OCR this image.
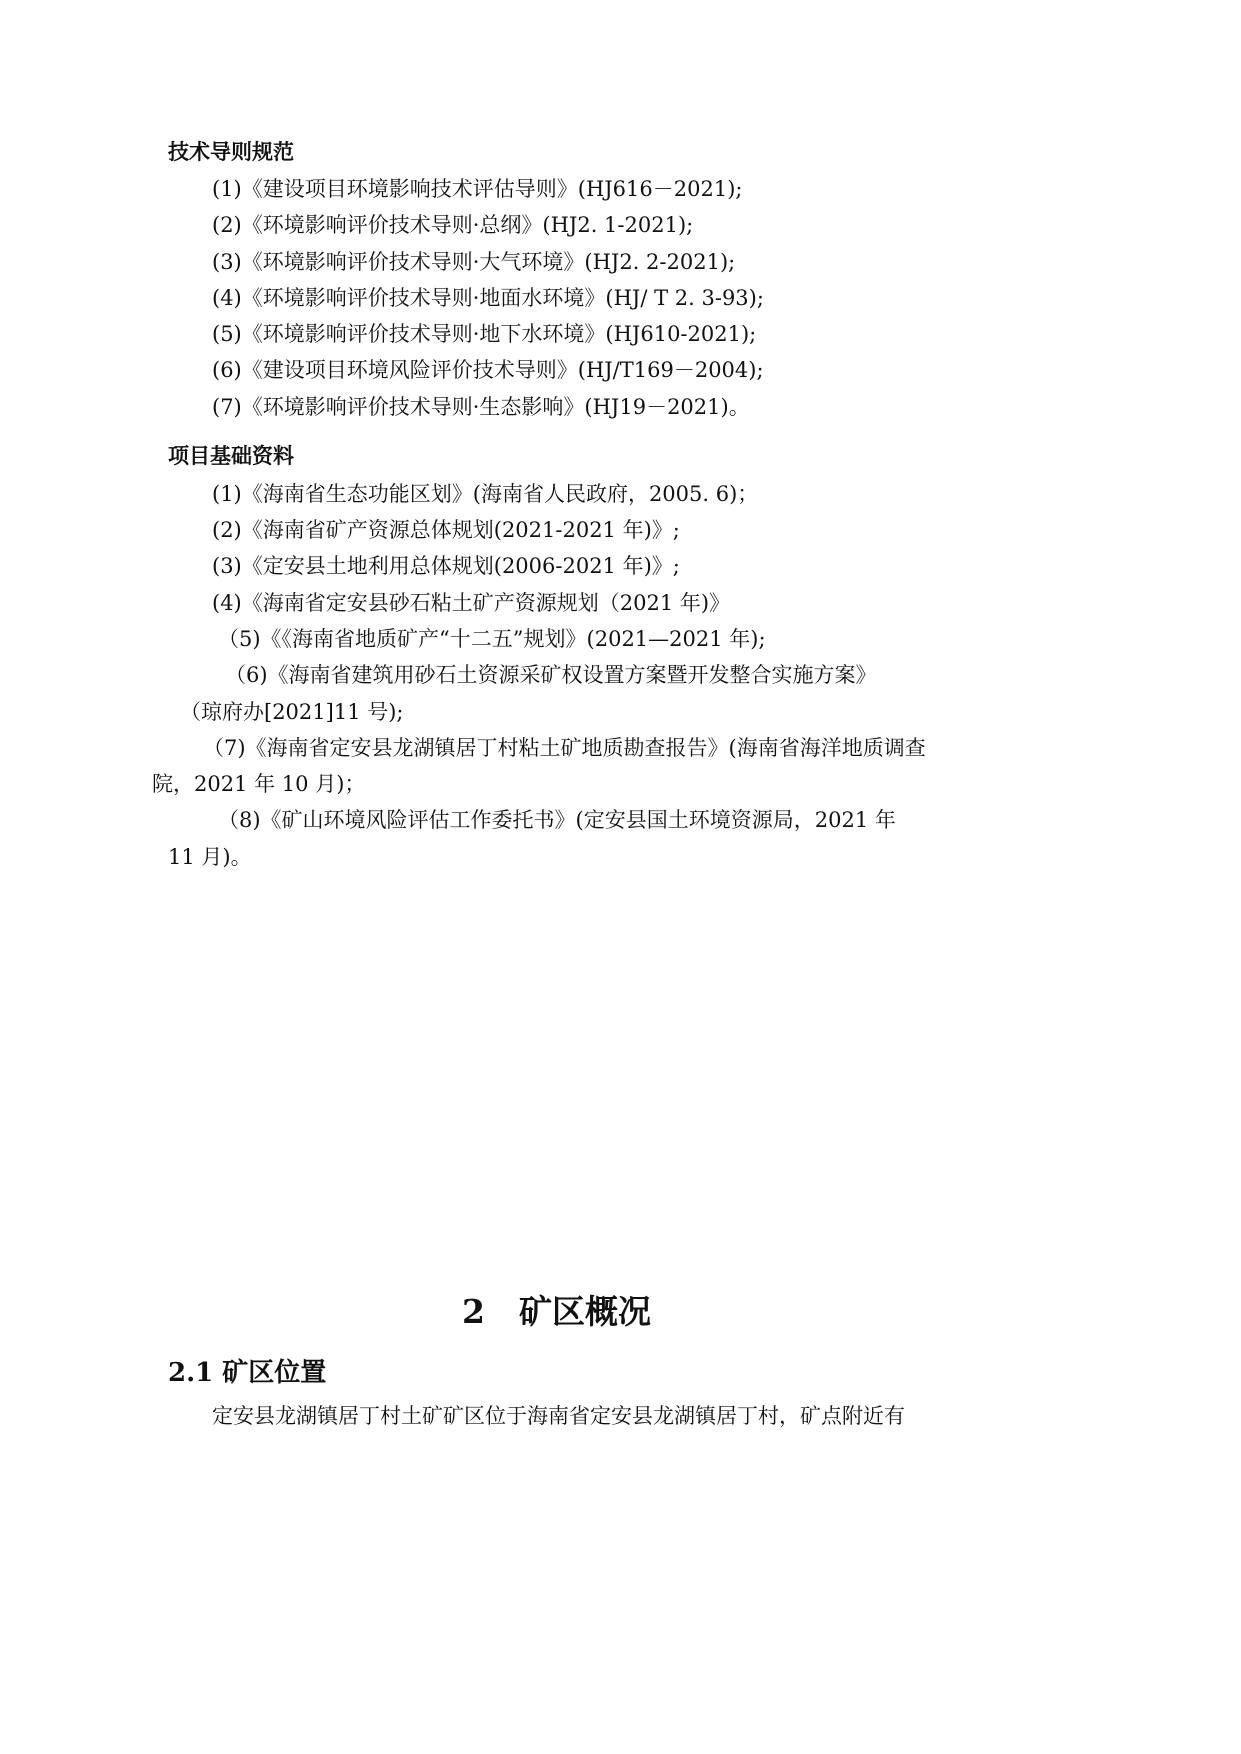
技术导则规范
(1)《建设项目环境影响技术评估导则》(HJ616－2021);
(2)《环境影响评价技术导则·总纲》(HJ2. 1-2021);
(3)《环境影响评价技术导则·大气环境》(HJ2. 2-2021);
(4)《环境影响评价技术导则·地面水环境》(HJ/ T 2. 3-93);
(5)《环境影响评价技术导则·地下水环境》(HJ610-2021);
(6)《建设项目环境风险评价技术导则》(HJ/T169－2004);
(7)《环境影响评价技术导则·生态影响》(HJ19－2021)。
项目基础资料
(1)《海南省生态功能区划》(海南省人民政府，2005. 6)；
(2)《海南省矿产资源总体规划(2021-2021 年)》;
(3)《定安县土地利用总体规划(2006-2021 年)》;
(4)《海南省定安县砂石粘土矿产资源规划（2021 年)》
（5)《《海南省地质矿产“十二五”规划》(2021—2021 年);
（6)《海南省建筑用砂石土资源采矿权设置方案暨开发整合实施方案》
（琼府办[2021]11 号);
（7)《海南省定安县龙湖镇居丁村粘土矿地质勘查报告》(海南省海洋地质调查
院，2021 年 10 月)；
（8)《矿山环境风险评估工作委托书》(定安县国土环境资源局，2021 年
11 月)。
2 矿区概况
2.1 矿区位置
定安县龙湖镇居丁村土矿矿区位于海南省定安县龙湖镇居丁村，矿点附近有
